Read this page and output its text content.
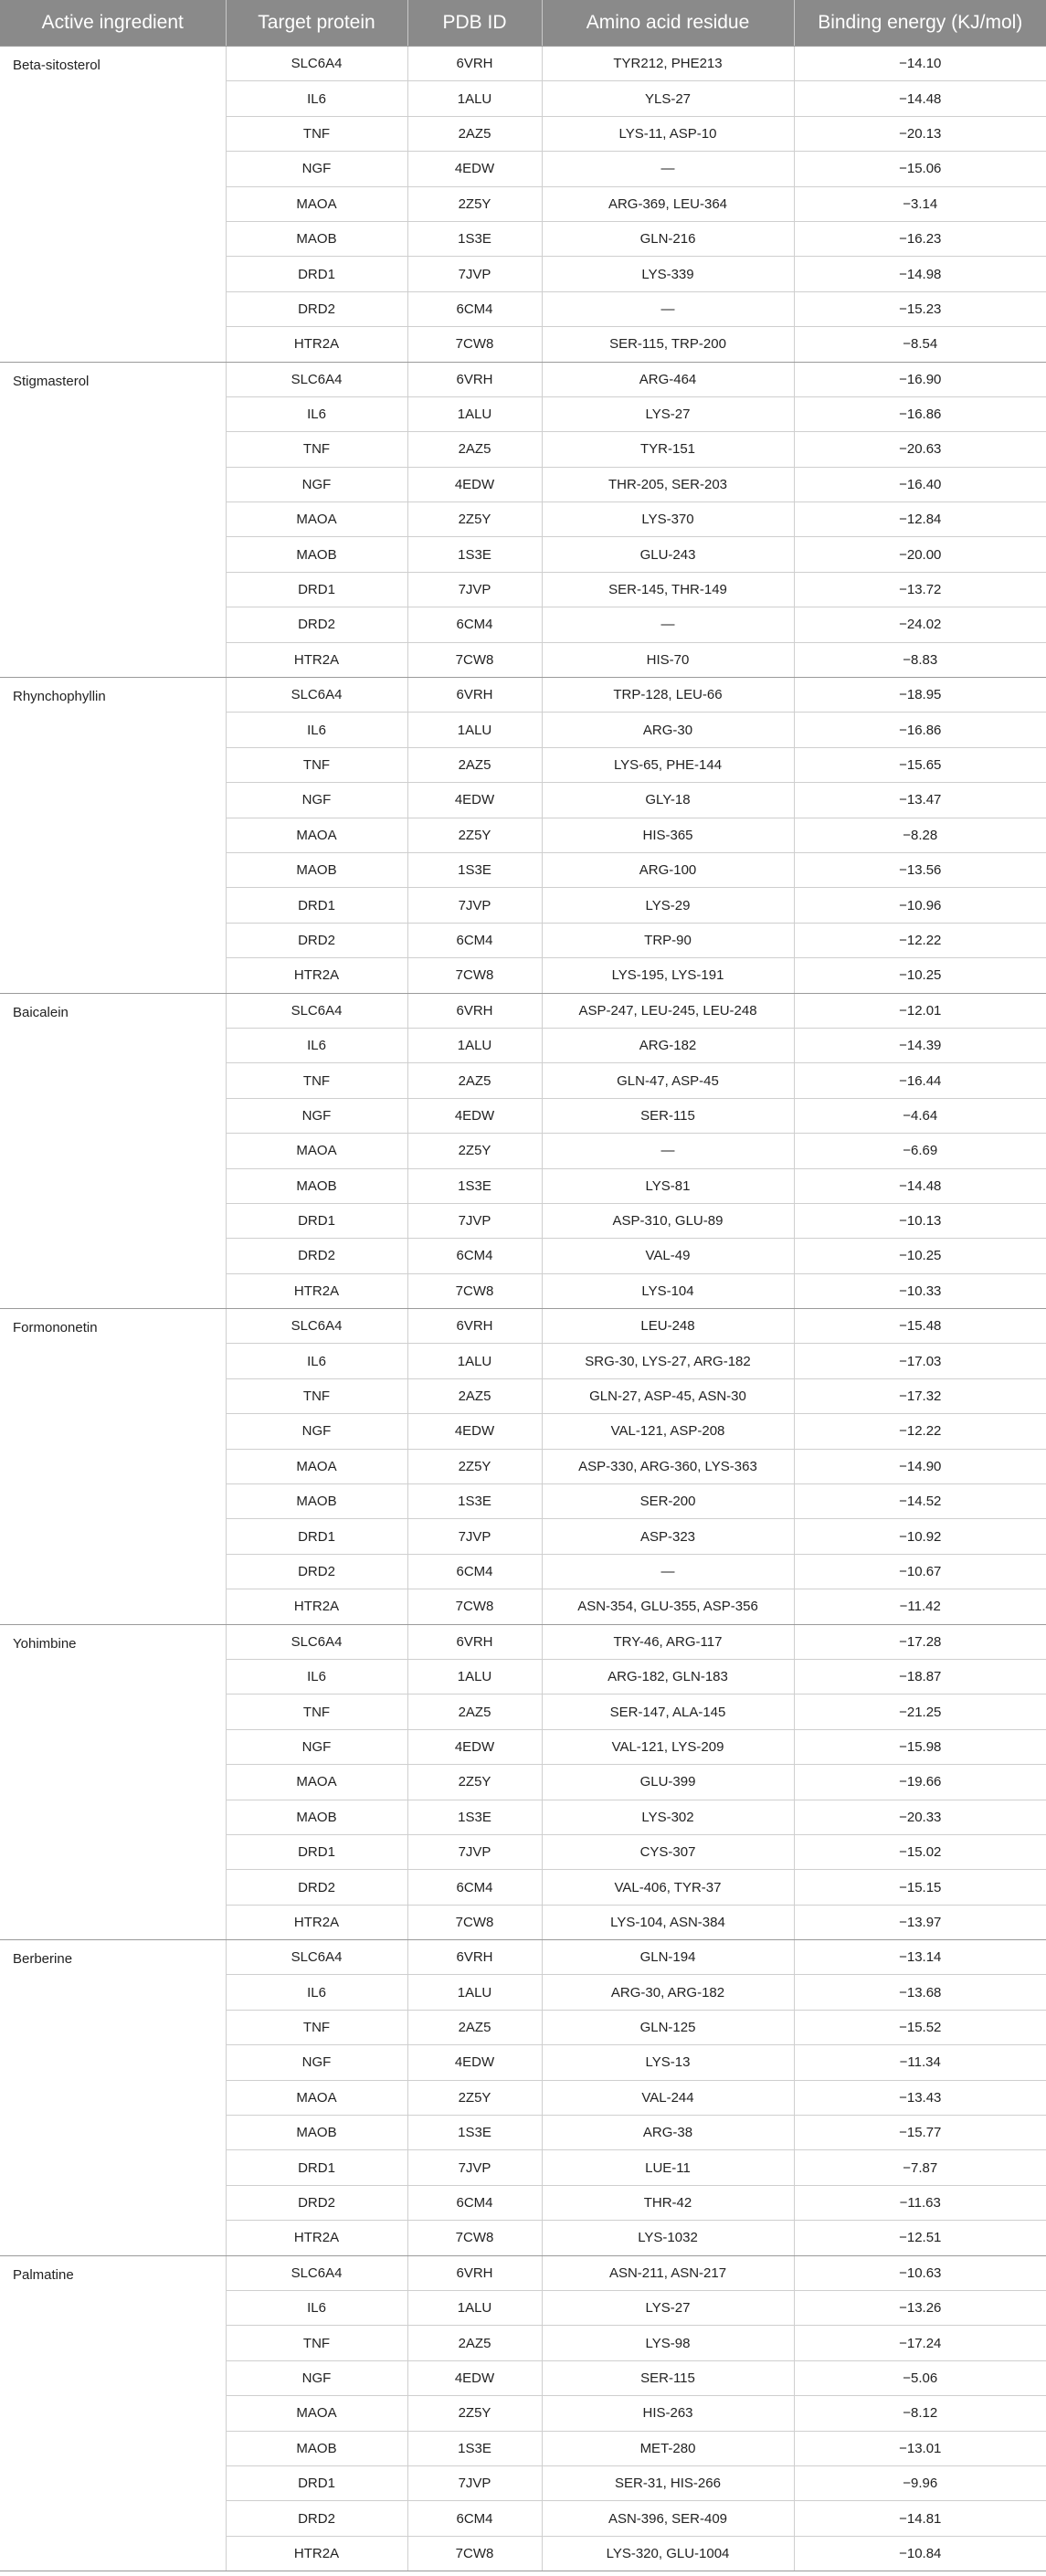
Active ingredient	Target protein	PDB ID	Amino acid residue	Binding energy (KJ/mol)
Beta-sitosterol	SLC6A4	6VRH	TYR212, PHE213	−14.10
	IL6	1ALU	YLS-27	−14.48
	TNF	2AZ5	LYS-11, ASP-10	−20.13
	NGF	4EDW	—	−15.06
	MAOA	2Z5Y	ARG-369, LEU-364	−3.14
	MAOB	1S3E	GLN-216	−16.23
	DRD1	7JVP	LYS-339	−14.98
	DRD2	6CM4	—	−15.23
	HTR2A	7CW8	SER-115, TRP-200	−8.54
Stigmasterol	SLC6A4	6VRH	ARG-464	−16.90
	IL6	1ALU	LYS-27	−16.86
	TNF	2AZ5	TYR-151	−20.63
	NGF	4EDW	THR-205, SER-203	−16.40
	MAOA	2Z5Y	LYS-370	−12.84
	MAOB	1S3E	GLU-243	−20.00
	DRD1	7JVP	SER-145, THR-149	−13.72
	DRD2	6CM4	—	−24.02
	HTR2A	7CW8	HIS-70	−8.83
Rhynchophyllin	SLC6A4	6VRH	TRP-128, LEU-66	−18.95
	IL6	1ALU	ARG-30	−16.86
	TNF	2AZ5	LYS-65, PHE-144	−15.65
	NGF	4EDW	GLY-18	−13.47
	MAOA	2Z5Y	HIS-365	−8.28
	MAOB	1S3E	ARG-100	−13.56
	DRD1	7JVP	LYS-29	−10.96
	DRD2	6CM4	TRP-90	−12.22
	HTR2A	7CW8	LYS-195, LYS-191	−10.25
Baicalein	SLC6A4	6VRH	ASP-247, LEU-245, LEU-248	−12.01
	IL6	1ALU	ARG-182	−14.39
	TNF	2AZ5	GLN-47, ASP-45	−16.44
	NGF	4EDW	SER-115	−4.64
	MAOA	2Z5Y	—	−6.69
	MAOB	1S3E	LYS-81	−14.48
	DRD1	7JVP	ASP-310, GLU-89	−10.13
	DRD2	6CM4	VAL-49	−10.25
	HTR2A	7CW8	LYS-104	−10.33
Formononetin	SLC6A4	6VRH	LEU-248	−15.48
	IL6	1ALU	SRG-30, LYS-27, ARG-182	−17.03
	TNF	2AZ5	GLN-27, ASP-45, ASN-30	−17.32
	NGF	4EDW	VAL-121, ASP-208	−12.22
	MAOA	2Z5Y	ASP-330, ARG-360, LYS-363	−14.90
	MAOB	1S3E	SER-200	−14.52
	DRD1	7JVP	ASP-323	−10.92
	DRD2	6CM4	—	−10.67
	HTR2A	7CW8	ASN-354, GLU-355, ASP-356	−11.42
Yohimbine	SLC6A4	6VRH	TRY-46, ARG-117	−17.28
	IL6	1ALU	ARG-182, GLN-183	−18.87
	TNF	2AZ5	SER-147, ALA-145	−21.25
	NGF	4EDW	VAL-121, LYS-209	−15.98
	MAOA	2Z5Y	GLU-399	−19.66
	MAOB	1S3E	LYS-302	−20.33
	DRD1	7JVP	CYS-307	−15.02
	DRD2	6CM4	VAL-406, TYR-37	−15.15
	HTR2A	7CW8	LYS-104, ASN-384	−13.97
Berberine	SLC6A4	6VRH	GLN-194	−13.14
	IL6	1ALU	ARG-30, ARG-182	−13.68
	TNF	2AZ5	GLN-125	−15.52
	NGF	4EDW	LYS-13	−11.34
	MAOA	2Z5Y	VAL-244	−13.43
	MAOB	1S3E	ARG-38	−15.77
	DRD1	7JVP	LUE-11	−7.87
	DRD2	6CM4	THR-42	−11.63
	HTR2A	7CW8	LYS-1032	−12.51
Palmatine	SLC6A4	6VRH	ASN-211, ASN-217	−10.63
	IL6	1ALU	LYS-27	−13.26
	TNF	2AZ5	LYS-98	−17.24
	NGF	4EDW	SER-115	−5.06
	MAOA	2Z5Y	HIS-263	−8.12
	MAOB	1S3E	MET-280	−13.01
	DRD1	7JVP	SER-31, HIS-266	−9.96
	DRD2	6CM4	ASN-396, SER-409	−14.81
	HTR2A	7CW8	LYS-320, GLU-1004	−10.84
